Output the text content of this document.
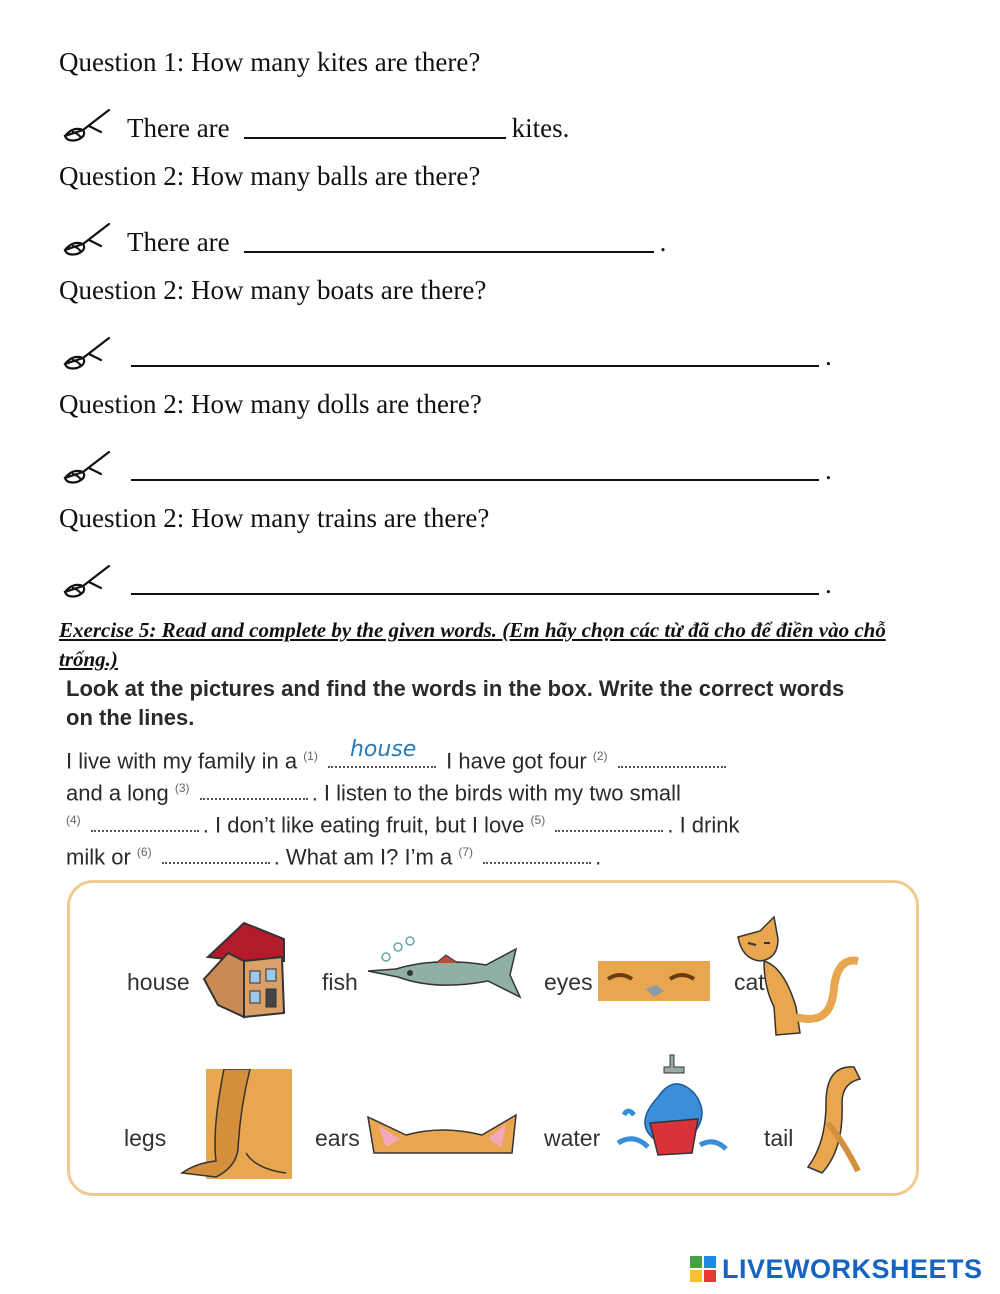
Question 1: How many kites are there?
There are	kites.
Question 2: How many balls are there?
There are	.
Question 2: How many boats are there?
.
Question 2: How many dolls are there?
.
Question 2: How many trains are there?
.
Exercise 5: Read and complete by the given words. (Em hãy chọn các từ đã cho để điền vào chỗ trống.)
Look at the pictures and find the words in the box. Write the correct words on the lines.
I live with my family in a $^{(1)}$ house I have got four $^{(2)}$
and a long $^{(3)}$	. I listen to the birds with my two small
$^{(4)}$	. I don’t like eating fruit, but I love $^{(5)}$	. I drink
milk or $^{(6)}$	. What am I? I’m a $^{(7)}$	.
house	fish	eyes	cat
legs	ears	water	tail
LIVEWORKSHEETS
